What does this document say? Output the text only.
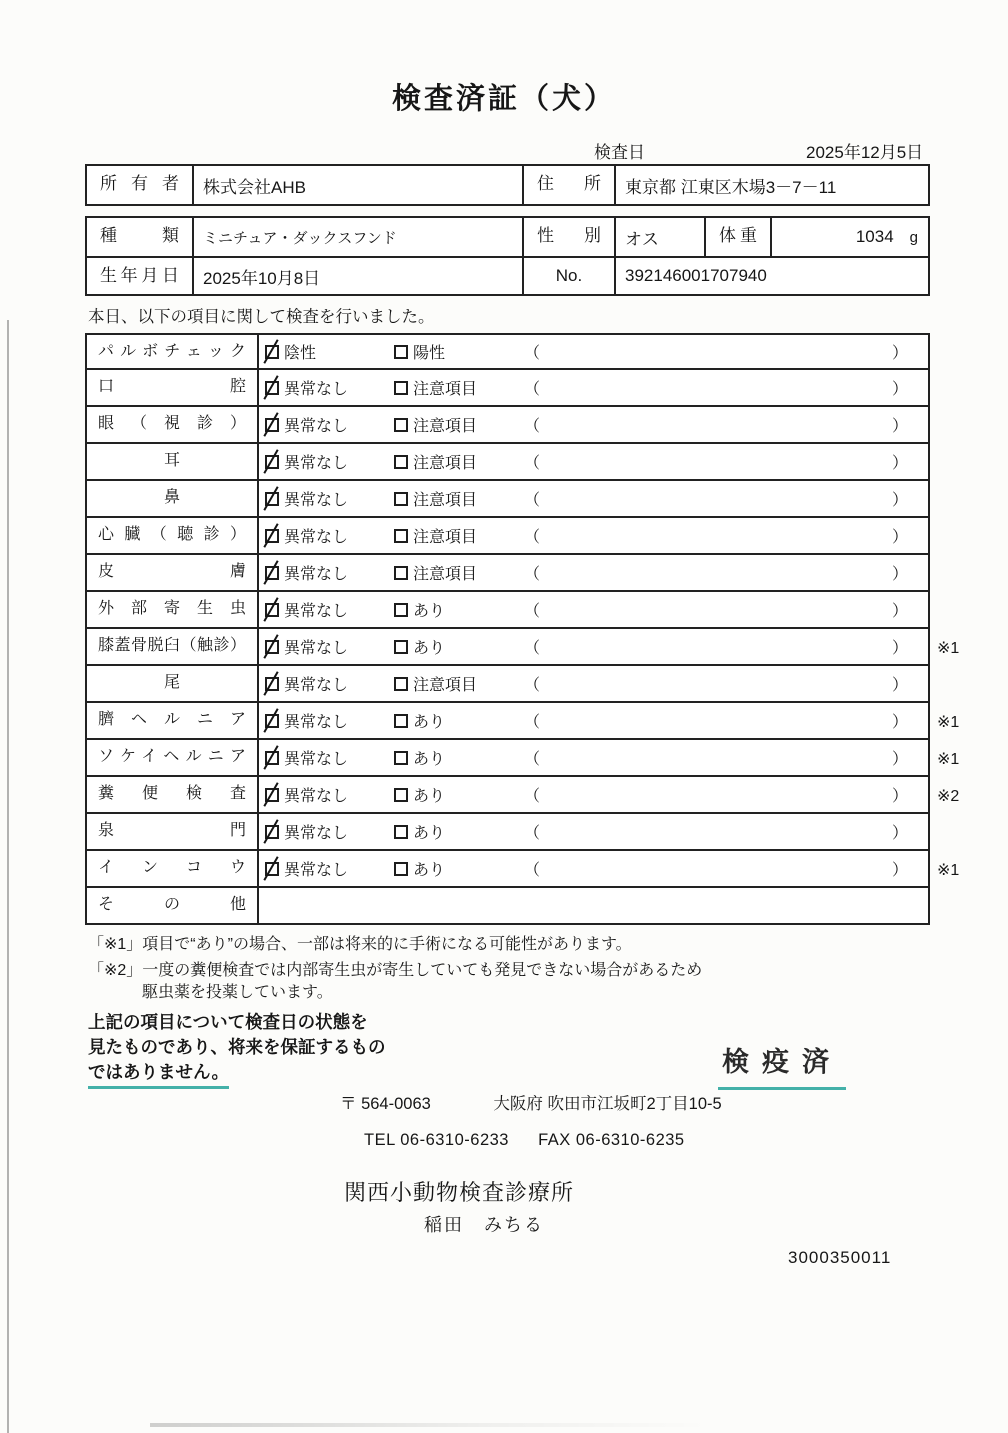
検査済証（犬）
検査日	2025年12月5日
所有者	株式会社AHB	住所	東京都 江東区木場3－7－11
種類	ミニチュア・ダックスフンド	性別	オス	体重	1034 g
生年月日	2025年10月8日	No.	392146001707940
本日、以下の項目に関して検査を行いました。
パルボチェック	陰性	陽性	（	）
口腔	異常なし	注意項目	（	）
眼（視診）	異常なし	注意項目	（	）
耳	異常なし	注意項目	（	）
鼻	異常なし	注意項目	（	）
心臓（聴診）	異常なし	注意項目	（	）
皮膚	異常なし	注意項目	（	）
外部寄生虫	異常なし	あり	（	）
膝蓋骨脱臼（触診）	異常なし	あり	（	） ※1
尾	異常なし	注意項目	（	）
臍ヘルニア	異常なし	あり	（	） ※1
ソケイヘルニア	異常なし	あり	（	） ※1
糞便検査	異常なし	あり	（	） ※2
泉門	異常なし	あり	（	）
インコウ	異常なし	あり	（	） ※1
その他
「※1」項目で“あり”の場合、一部は将来的に手術になる可能性があります。
「※2」一度の糞便検査では内部寄生虫が寄生していても発見できない場合があるため
駆虫薬を投薬しています。
上記の項目について検査日の状態を
見たものであり、将来を保証するもの
ではありません。	検疫済
〒 564-0063	大阪府 吹田市江坂町2丁目10-5
TEL 06-6310-6233 FAX 06-6310-6235
関西小動物検査診療所
稲田　みちる
3000350011
